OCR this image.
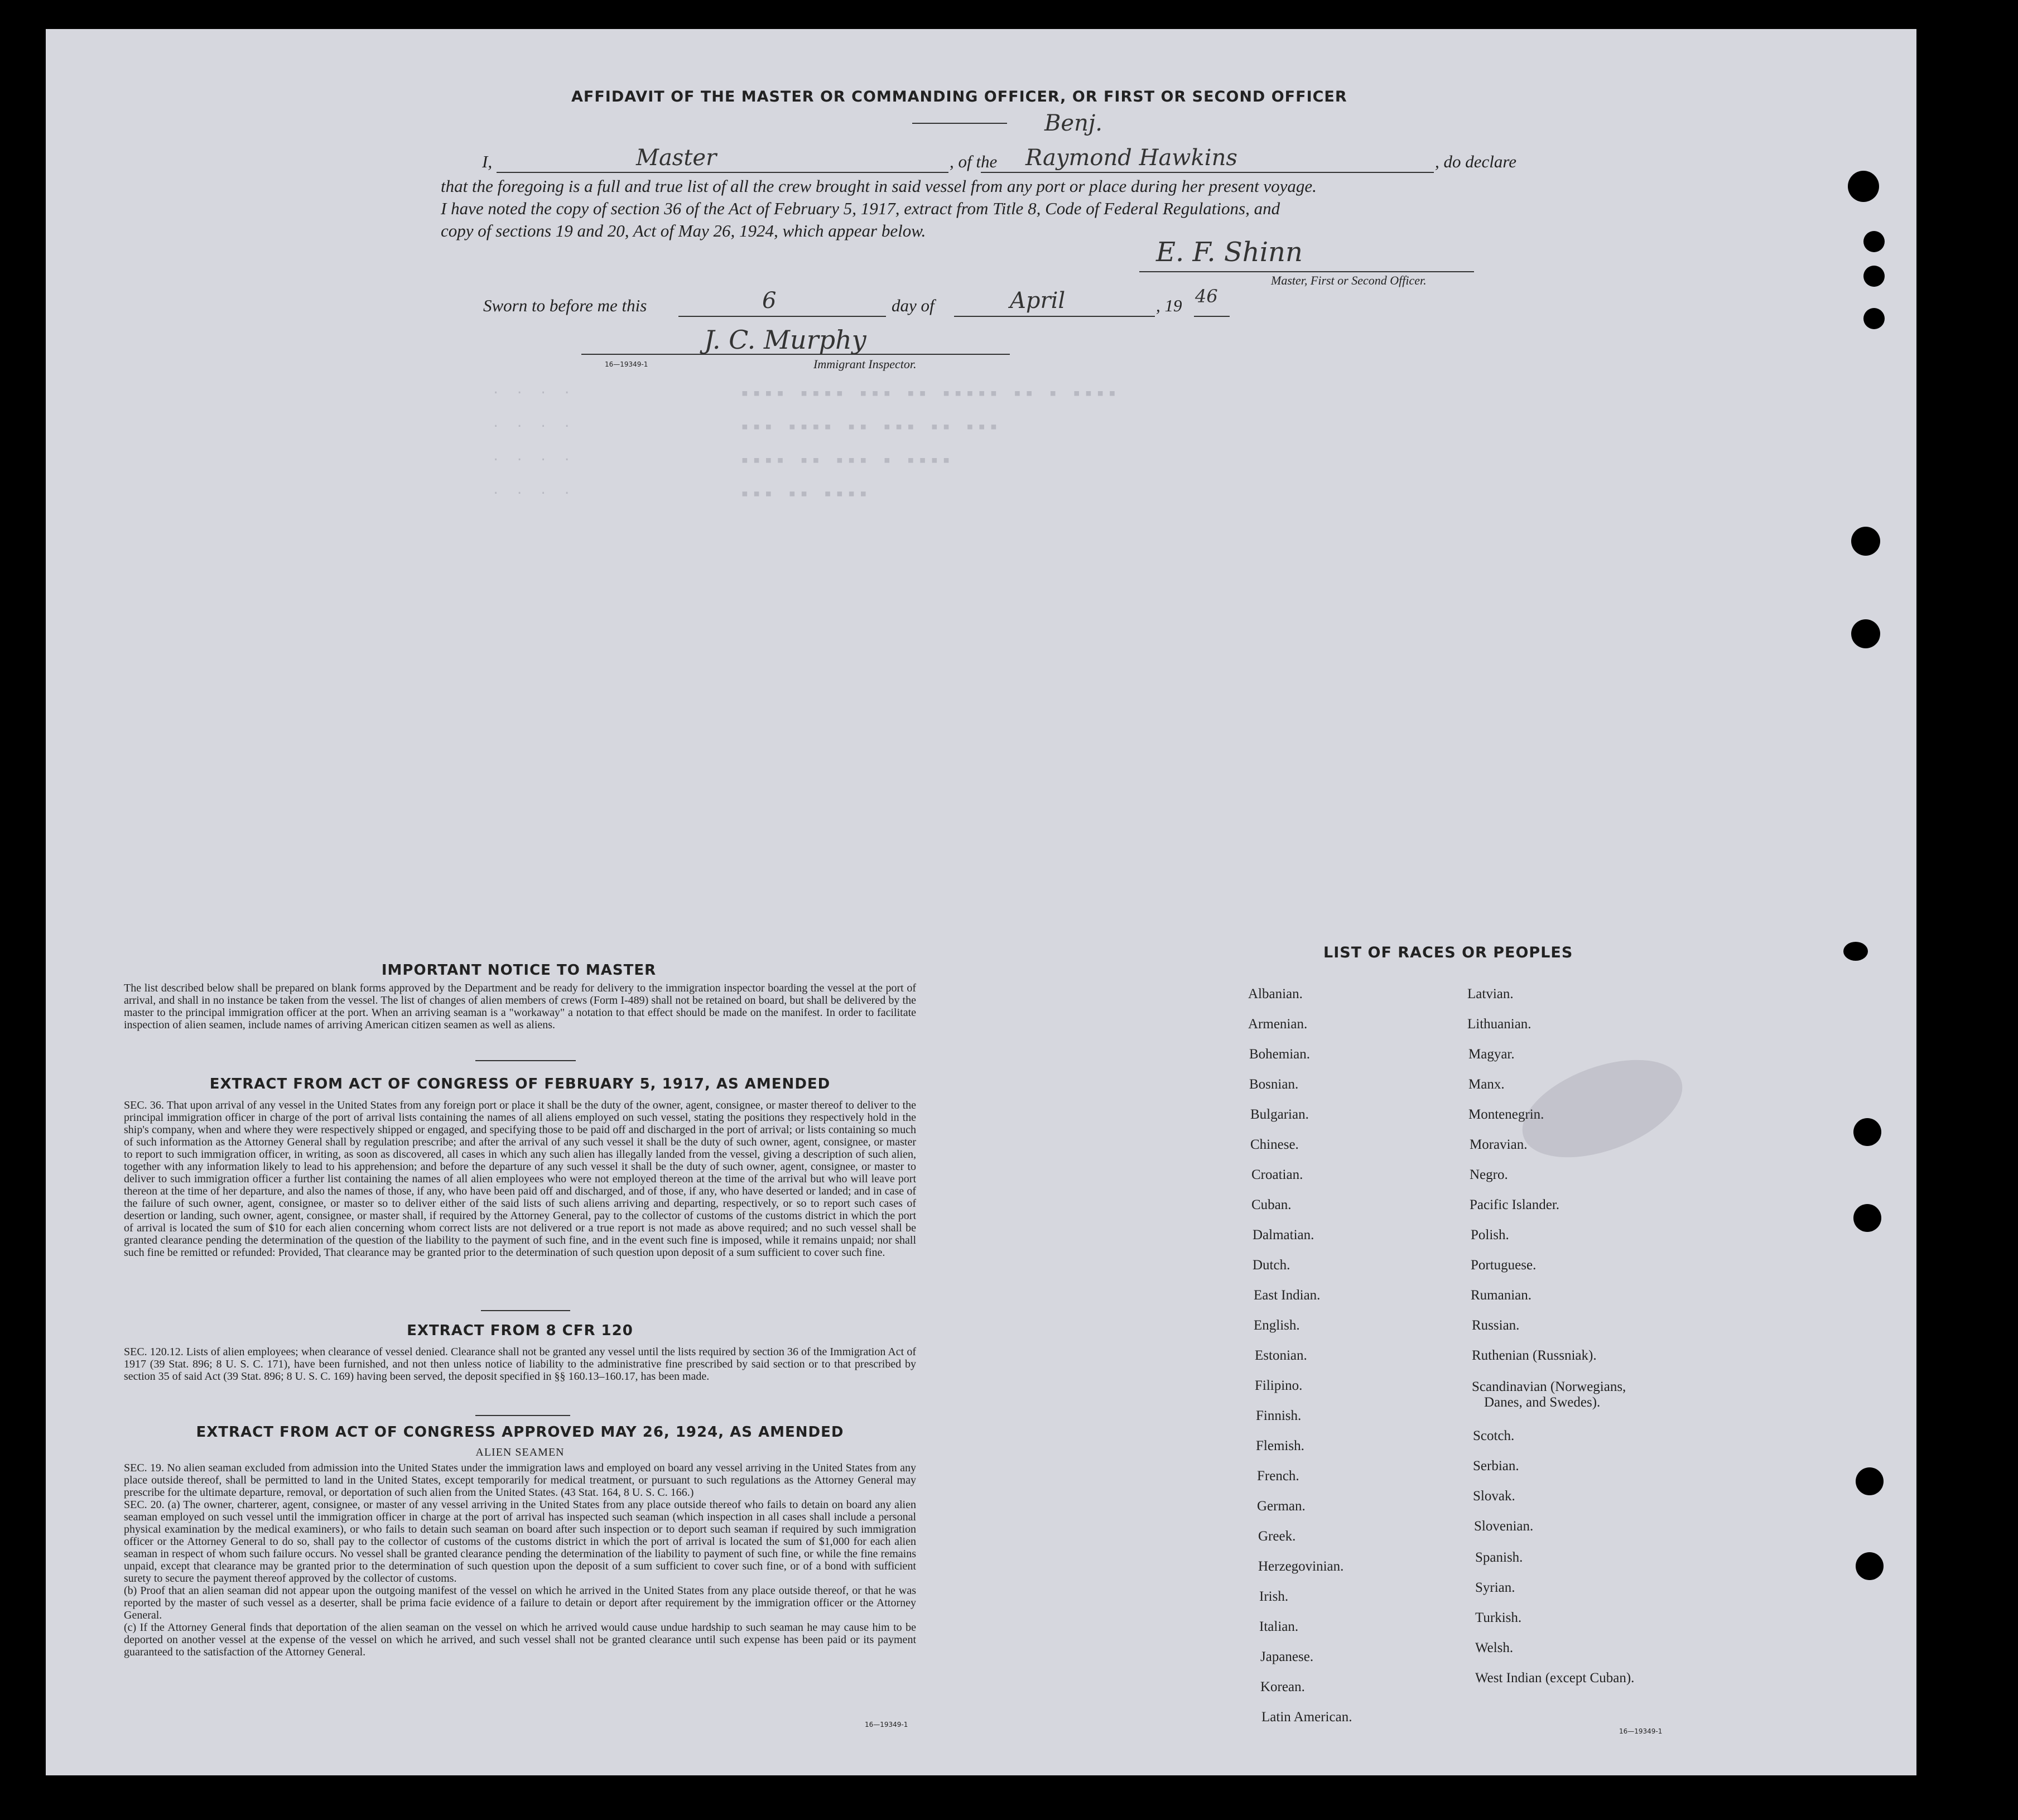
AFFIDAVIT OF THE MASTER OR COMMANDING OFFICER, OR FIRST OR SECOND OFFICER
I,	Master	, of the
Benj.
Raymond Hawkins	, do declare
that the foregoing is a full and true list of all the crew brought in said vessel from any port or place during her present voyage.
I have noted the copy of section 36 of the Act of February 5, 1917, extract from Title 8, Code of Federal Regulations, and
copy of sections 19 and 20, Act of May 26, 1924, which appear below.
E. F. Shinn
Master, First or Second Officer.
Sworn to before me this	6	day of	April	, 19 46
J. C. Murphy
16—19349-1	Immigrant Inspector.
· · · ·              ▪▪▪▪ ▪▪▪▪ ▪▪▪ ▪▪ ▪▪▪▪▪ ▪▪ ▪ ▪▪▪▪
· · · ·              ▪▪▪ ▪▪▪▪ ▪▪ ▪▪▪ ▪▪ ▪▪▪
· · · ·              ▪▪▪▪ ▪▪ ▪▪▪ ▪ ▪▪▪▪
· · · ·              ▪▪▪ ▪▪ ▪▪▪▪
IMPORTANT NOTICE TO MASTER

The list described below shall be prepared on blank forms approved by the Department and be ready for delivery to the immigration inspector boarding the vessel at the port of arrival, and shall in no instance be taken from the vessel. The list of changes of alien members of crews (Form I-489) shall not be retained on board, but shall be delivered by the master to the principal immigration officer at the port. When an arriving seaman is a "workaway" a notation to that effect should be made on the manifest. In order to facilitate inspection of alien seamen, include names of arriving American citizen seamen as well as aliens.

EXTRACT FROM ACT OF CONGRESS OF FEBRUARY 5, 1917, AS AMENDED

SEC. 36. That upon arrival of any vessel in the United States from any foreign port or place it shall be the duty of the owner, agent, consignee, or master thereof to deliver to the principal immigration officer in charge of the port of arrival lists containing the names of all aliens employed on such vessel, stating the positions they respectively hold in the ship's company, when and where they were respectively shipped or engaged, and specifying those to be paid off and discharged in the port of arrival; or lists containing so much of such information as the Attorney General shall by regulation prescribe; and after the arrival of any such vessel it shall be the duty of such owner, agent, consignee, or master to report to such immigration officer, in writing, as soon as discovered, all cases in which any such alien has illegally landed from the vessel, giving a description of such alien, together with any information likely to lead to his apprehension; and before the departure of any such vessel it shall be the duty of such owner, agent, consignee, or master to deliver to such immigration officer a further list containing the names of all alien employees who were not employed thereon at the time of the arrival but who will leave port thereon at the time of her departure, and also the names of those, if any, who have been paid off and discharged, and of those, if any, who have deserted or landed; and in case of the failure of such owner, agent, consignee, or master so to deliver either of the said lists of such aliens arriving and departing, respectively, or so to report such cases of desertion or landing, such owner, agent, consignee, or master shall, if required by the Attorney General, pay to the collector of customs of the customs district in which the port of arrival is located the sum of $10 for each alien concerning whom correct lists are not delivered or a true report is not made as above required; and no such vessel shall be granted clearance pending the determination of the question of the liability to the payment of such fine, and in the event such fine is imposed, while it remains unpaid; nor shall such fine be remitted or refunded: Provided, That clearance may be granted prior to the determination of such question upon deposit of a sum sufficient to cover such fine.

EXTRACT FROM 8 CFR 120

SEC. 120.12. Lists of alien employees; when clearance of vessel denied. Clearance shall not be granted any vessel until the lists required by section 36 of the Immigration Act of 1917 (39 Stat. 896; 8 U. S. C. 171), have been furnished, and not then unless notice of liability to the administrative fine prescribed by said section or to that prescribed by section 35 of said Act (39 Stat. 896; 8 U. S. C. 169) having been served, the deposit specified in §§ 160.13–160.17, has been made.

EXTRACT FROM ACT OF CONGRESS APPROVED MAY 26, 1924, AS AMENDED
ALIEN SEAMEN

SEC. 19. No alien seaman excluded from admission into the United States under the immigration laws and employed on board any vessel arriving in the United States from any place outside thereof, shall be permitted to land in the United States, except temporarily for medical treatment, or pursuant to such regulations as the Attorney General may prescribe for the ultimate departure, removal, or deportation of such alien from the United States. (43 Stat. 164, 8 U. S. C. 166.)

SEC. 20. (a) The owner, charterer, agent, consignee, or master of any vessel arriving in the United States from any place outside thereof who fails to detain on board any alien seaman employed on such vessel until the immigration officer in charge at the port of arrival has inspected such seaman (which inspection in all cases shall include a personal physical examination by the medical examiners), or who fails to detain such seaman on board after such inspection or to deport such seaman if required by such immigration officer or the Attorney General to do so, shall pay to the collector of customs of the customs district in which the port of arrival is located the sum of $1,000 for each alien seaman in respect of whom such failure occurs. No vessel shall be granted clearance pending the determination of the liability to payment of such fine, or while the fine remains unpaid, except that clearance may be granted prior to the determination of such question upon the deposit of a sum sufficient to cover such fine, or of a bond with sufficient surety to secure the payment thereof approved by the collector of customs.

(b) Proof that an alien seaman did not appear upon the outgoing manifest of the vessel on which he arrived in the United States from any place outside thereof, or that he was reported by the master of such vessel as a deserter, shall be prima facie evidence of a failure to detain or deport after requirement by the immigration officer or the Attorney General.

(c) If the Attorney General finds that deportation of the alien seaman on the vessel on which he arrived would cause undue hardship to such seaman he may cause him to be deported on another vessel at the expense of the vessel on which he arrived, and such vessel shall not be granted clearance until such expense has been paid or its payment guaranteed to the satisfaction of the Attorney General.

16—19349-1
LIST OF RACES OR PEOPLES
Albanian.
Armenian.
Bohemian.
Bosnian.
Bulgarian.
Chinese.
Croatian.
Cuban.
Dalmatian.
Dutch.
East Indian.
English.
Estonian.
Filipino.
Finnish.
Flemish.
French.
German.
Greek.
Herzegovinian.
Irish.
Italian.
Japanese.
Korean.
Latin American.
Latvian.
Lithuanian.
Magyar.
Manx.
Montenegrin.
Moravian.
Negro.
Pacific Islander.
Polish.
Portuguese.
Rumanian.
Russian.
Ruthenian (Russniak).
Scandinavian (Norwegians,
Danes, and Swedes).
Scotch.
Serbian.
Slovak.
Slovenian.
Spanish.
Syrian.
Turkish.
Welsh.
West Indian (except Cuban).
16—19349-1
